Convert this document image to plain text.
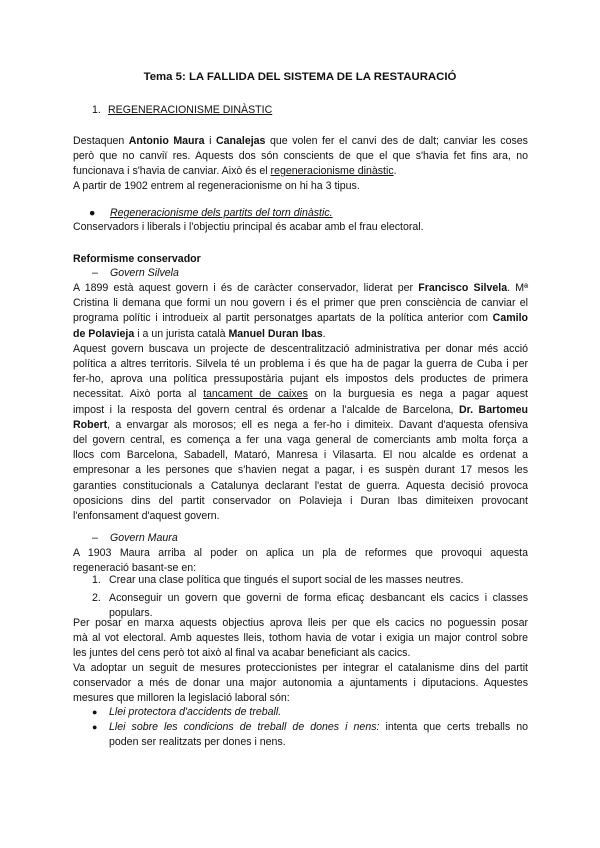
Tema 5: LA FALLIDA DEL SISTEMA DE LA RESTAURACIÓ
1. REGENERACIONISME DINÀSTIC
Destaquen Antonio Maura i Canalejas que volen fer el canvi des de dalt; canviar les coses
però que no canviï res. Aquests dos són conscients de que el que s'havia fet fins ara, no
funcionava i s'havia de canviar. Això és el regeneracionisme dinàstic.
A partir de 1902 entrem al regeneracionisme on hi ha 3 tipus.
● Regeneracionisme dels partits del torn dinàstic.
Conservadors i liberals i l'objectiu principal és acabar amb el frau electoral.
Reformisme conservador
– Govern Silvela
A 1899 està aquest govern i és de caràcter conservador, liderat per Francisco Silvela. Mª
Cristina li demana que formi un nou govern i és el primer que pren consciència de canviar el
programa polític i introdueix al partit personatges apartats de la política anterior com Camilo
de Polavieja i a un jurista català Manuel Duran Ibas.
Aquest govern buscava un projecte de descentralització administrativa per donar més acció
política a altres territoris. Silvela té un problema i és que ha de pagar la guerra de Cuba i per
fer-ho, aprova una política pressupostària pujant els impostos dels productes de primera
necessitat. Això porta al tancament de caixes on la burguesia es nega a pagar aquest
impost i la resposta del govern central és ordenar a l'alcalde de Barcelona, Dr. Bartomeu
Robert, a envargar als morosos; ell es nega a fer-ho i dimiteix. Davant d'aquesta ofensiva
del govern central, es comença a fer una vaga general de comerciants amb molta força a
llocs com Barcelona, Sabadell, Mataró, Manresa i Vilasarta. El nou alcalde es ordenat a
empresonar a les persones que s'havien negat a pagar, i es suspèn durant 17 mesos les
garanties constitucionals a Catalunya declarant l'estat de guerra. Aquesta decisió provoca
oposicions dins del partit conservador on Polavieja i Duran Ibas dimiteixen provocant
l'enfonsament d'aquest govern.
– Govern Maura
A 1903 Maura arriba al poder on aplica un pla de reformes que provoqui aquesta
regeneració basant-se en:
1. Crear una clase política que tingués el suport social de les masses neutres.
2. Aconseguir un govern que governi de forma eficaç desbancant els cacics i classes
populars.
Per posar en marxa aquests objectius aprova lleis per que els cacics no poguessin posar
mà al vot electoral. Amb aquestes lleis, tothom havia de votar i exigia un major control sobre
les juntes del cens però tot això al final va acabar beneficiant als cacics.
Va adoptar un seguit de mesures proteccionistes per integrar el catalanisme dins del partit
conservador a més de donar una major autonomia a ajuntaments i diputacions. Aquestes
mesures que milloren la legislació laboral són:
● Llei protectora d'accidents de treball.
● Llei sobre les condicions de treball de dones i nens: intenta que certs treballs no
poden ser realitzats per dones i nens.
